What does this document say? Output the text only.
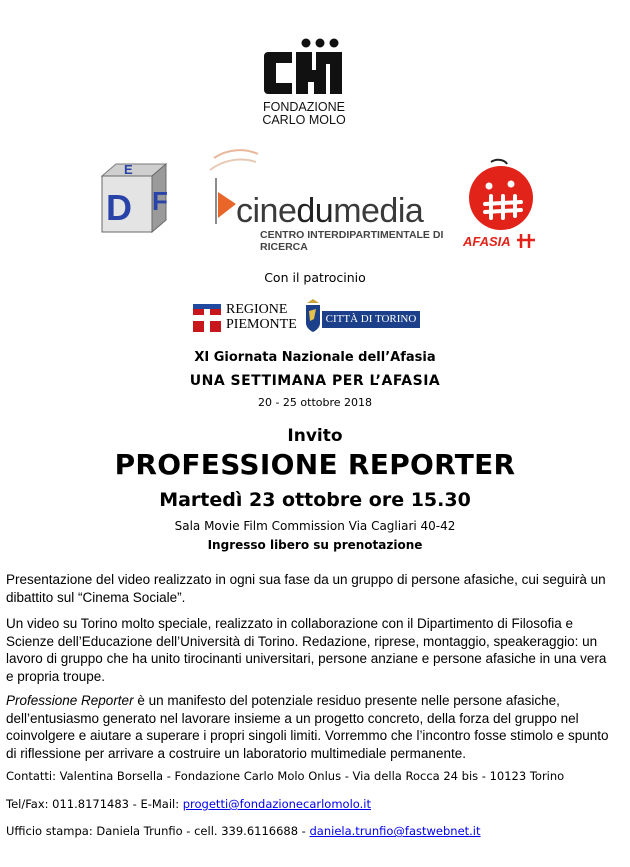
FONDAZIONE
CARLO MOLO
E
D F cinedumedia
CENTRO INTERDIPARTIMENTALE DI RICERCA	AFASIA
Con il patrocinio
REGIONE
PIEMONTE	CITTÀ DI TORINO
XI Giornata Nazionale dell’Afasia
UNA SETTIMANA PER L’AFASIA
20 - 25 ottobre 2018
Invito
PROFESSIONE REPORTER
Martedì 23 ottobre ore 15.30
Sala Movie Film Commission Via Cagliari 40-42
Ingresso libero su prenotazione
Presentazione del video realizzato in ogni sua fase da un gruppo di persone afasiche, cui seguirà un dibattito sul “Cinema Sociale”.
Un video su Torino molto speciale, realizzato in collaborazione con il Dipartimento di Filosofia e Scienze dell’Educazione dell’Università di Torino. Redazione, riprese, montaggio, speakeraggio: un lavoro di gruppo che ha unito tirocinanti universitari, persone anziane e persone afasiche in una vera e propria troupe.
Professione Reporter è un manifesto del potenziale residuo presente nelle persone afasiche, dell’entusiasmo generato nel lavorare insieme a un progetto concreto, della forza del gruppo nel coinvolgere e aiutare a superare i propri singoli limiti. Vorremmo che l’incontro fosse stimolo e spunto di riflessione per arrivare a costruire un laboratorio multimediale permanente.
Contatti: Valentina Borsella - Fondazione Carlo Molo Onlus - Via della Rocca 24 bis - 10123 Torino
Tel/Fax: 011.8171483 - E-Mail: progetti@fondazionecarlomolo.it
Ufficio stampa: Daniela Trunfio - cell. 339.6116688 - daniela.trunfio@fastwebnet.it
